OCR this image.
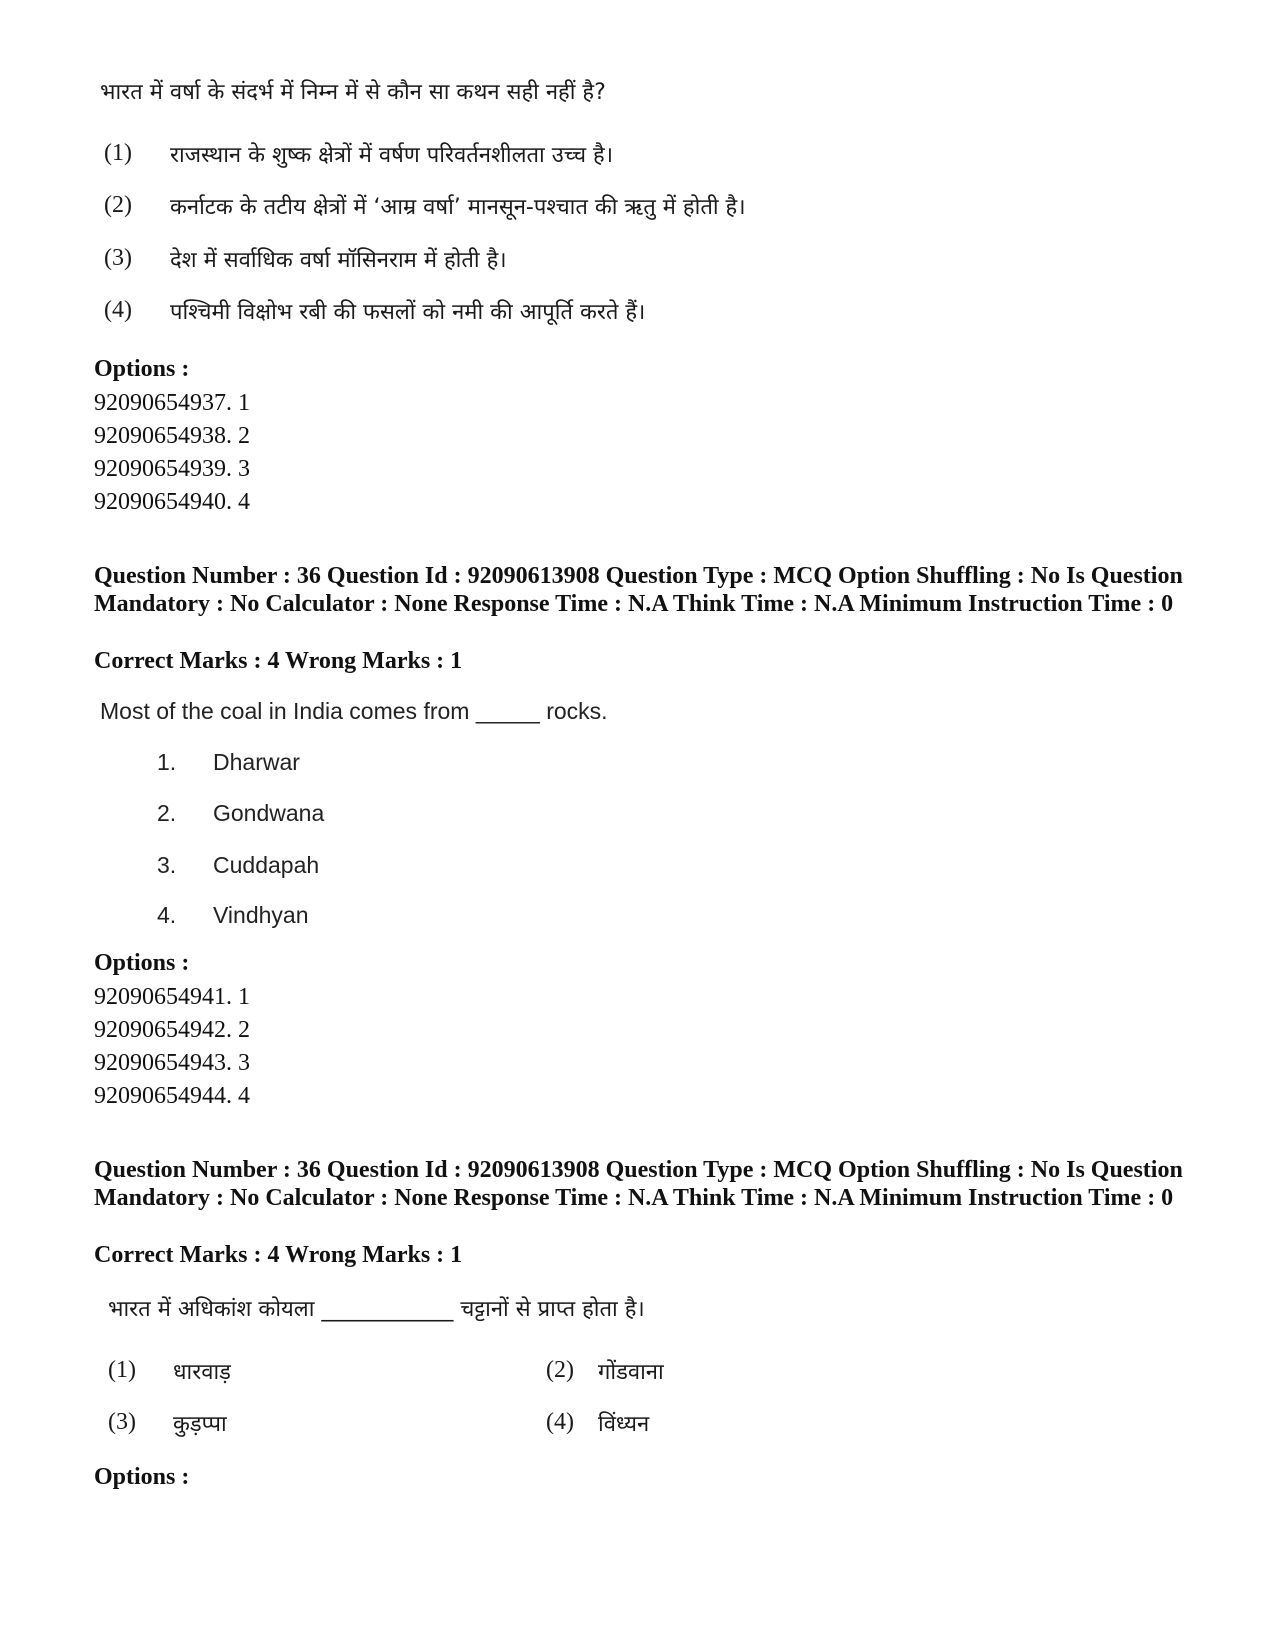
भारत में वर्षा के संदर्भ में निम्न में से कौन सा कथन सही नहीं है?
(1) राजस्थान के शुष्क क्षेत्रों में वर्षण परिवर्तनशीलता उच्च है।
(2) कर्नाटक के तटीय क्षेत्रों में ‘आम्र वर्षा’ मानसून-पश्चात की ऋतु में होती है।
(3) देश में सर्वाधिक वर्षा मॉसिनराम में होती है।
(4) पश्चिमी विक्षोभ रबी की फसलों को नमी की आपूर्ति करते हैं।
Options :
92090654937. 1
92090654938. 2
92090654939. 3
92090654940. 4
Question Number : 36 Question Id : 92090613908 Question Type : MCQ Option Shuffling : No Is Question Mandatory : No Calculator : None Response Time : N.A Think Time : N.A Minimum Instruction Time : 0
Correct Marks : 4 Wrong Marks : 1
Most of the coal in India comes from _____ rocks.
1. Dharwar
2. Gondwana
3. Cuddapah
4. Vindhyan
Options :
92090654941. 1
92090654942. 2
92090654943. 3
92090654944. 4
Question Number : 36 Question Id : 92090613908 Question Type : MCQ Option Shuffling : No Is Question Mandatory : No Calculator : None Response Time : N.A Think Time : N.A Minimum Instruction Time : 0
Correct Marks : 4 Wrong Marks : 1
भारत में अधिकांश कोयला ____________ चट्टानों से प्राप्त होता है।
(1) धारवाड़	(2) गोंडवाना
(3) कुड़प्पा	(4) विंध्यन
Options :
